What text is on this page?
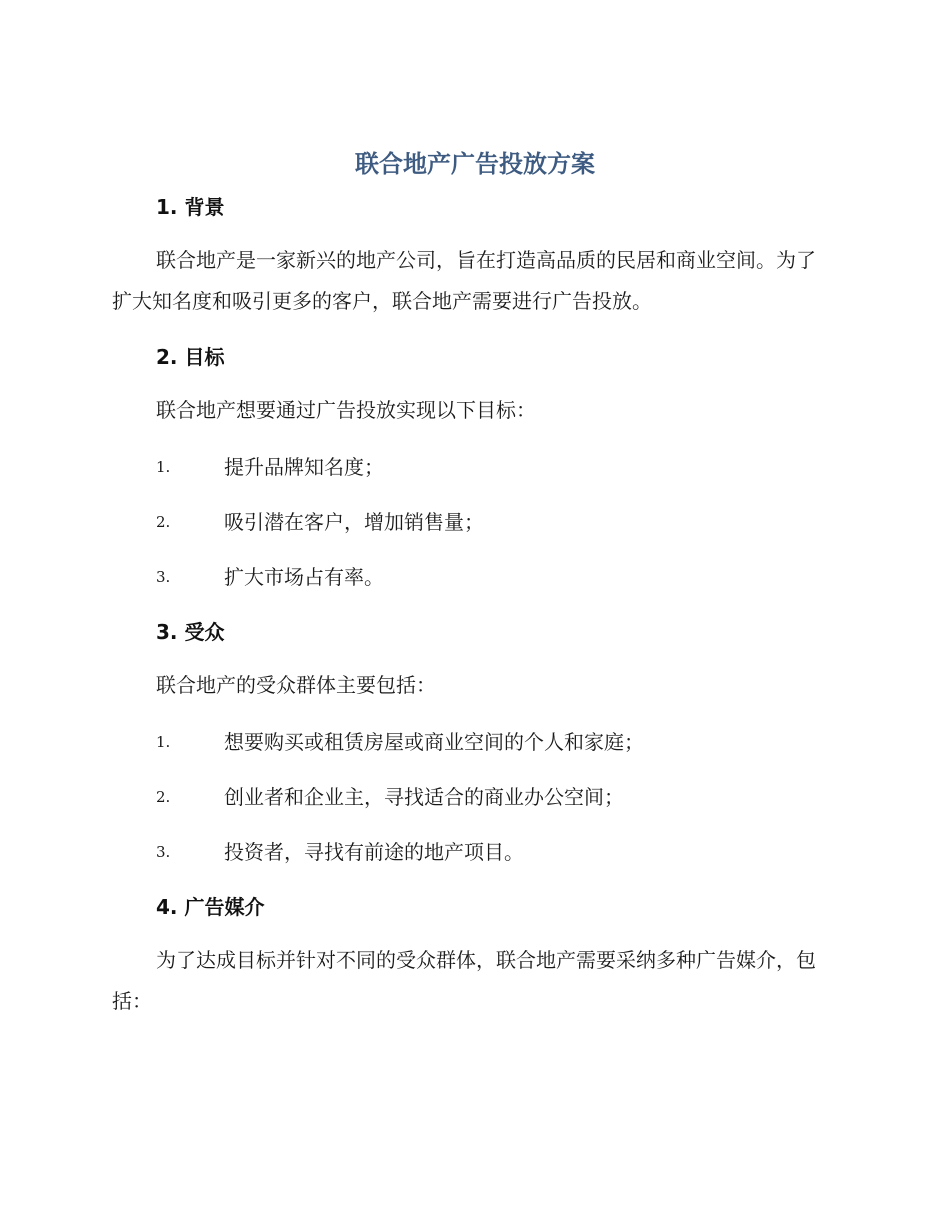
联合地产广告投放方案
1. 背景

联合地产是一家新兴的地产公司，旨在打造高品质的民居和商业空间。为了扩大知名度和吸引更多的客户，联合地产需要进行广告投放。

2. 目标

联合地产想要通过广告投放实现以下目标：

1.	提升品牌知名度；
2.	吸引潜在客户，增加销售量；
3.	扩大市场占有率。
3. 受众

联合地产的受众群体主要包括：

1.	想要购买或租赁房屋或商业空间的个人和家庭；
2.	创业者和企业主，寻找适合的商业办公空间；
3.	投资者，寻找有前途的地产项目。
4. 广告媒介

为了达成目标并针对不同的受众群体，联合地产需要采纳多种广告媒介，包括：
